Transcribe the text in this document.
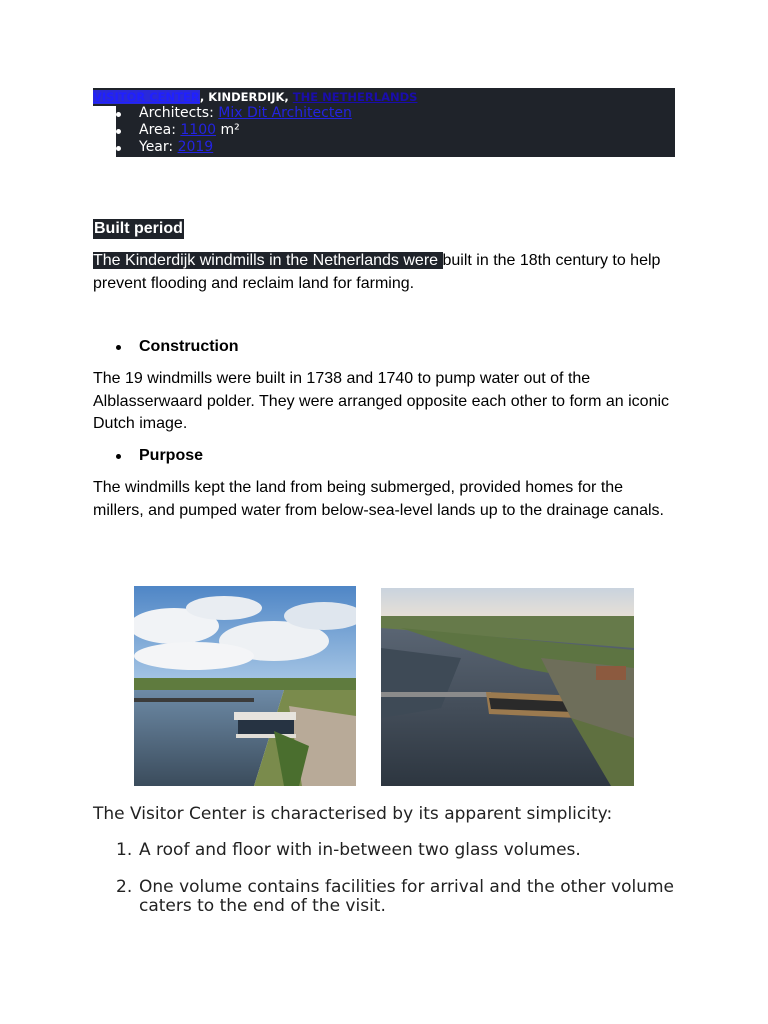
VISITOR CENTER, KINDERDIJK, THE NETHERLANDS
Architects: Mix Dit Architecten
Area: 1100 m²
Year: 2019
Built period
The Kinderdijk windmills in the Netherlands were built in the 18th century to help prevent flooding and reclaim land for farming.
Construction
The 19 windmills were built in 1738 and 1740 to pump water out of the Alblasserwaard polder. They were arranged opposite each other to form an iconic Dutch image.
Purpose
The windmills kept the land from being submerged, provided homes for the millers, and pumped water from below-sea-level lands up to the drainage canals.
The Visitor Center is characterised by its apparent simplicity:
1. A roof and floor with in-between two glass volumes.
2. One volume contains facilities for arrival and the other volume caters to the end of the visit.
